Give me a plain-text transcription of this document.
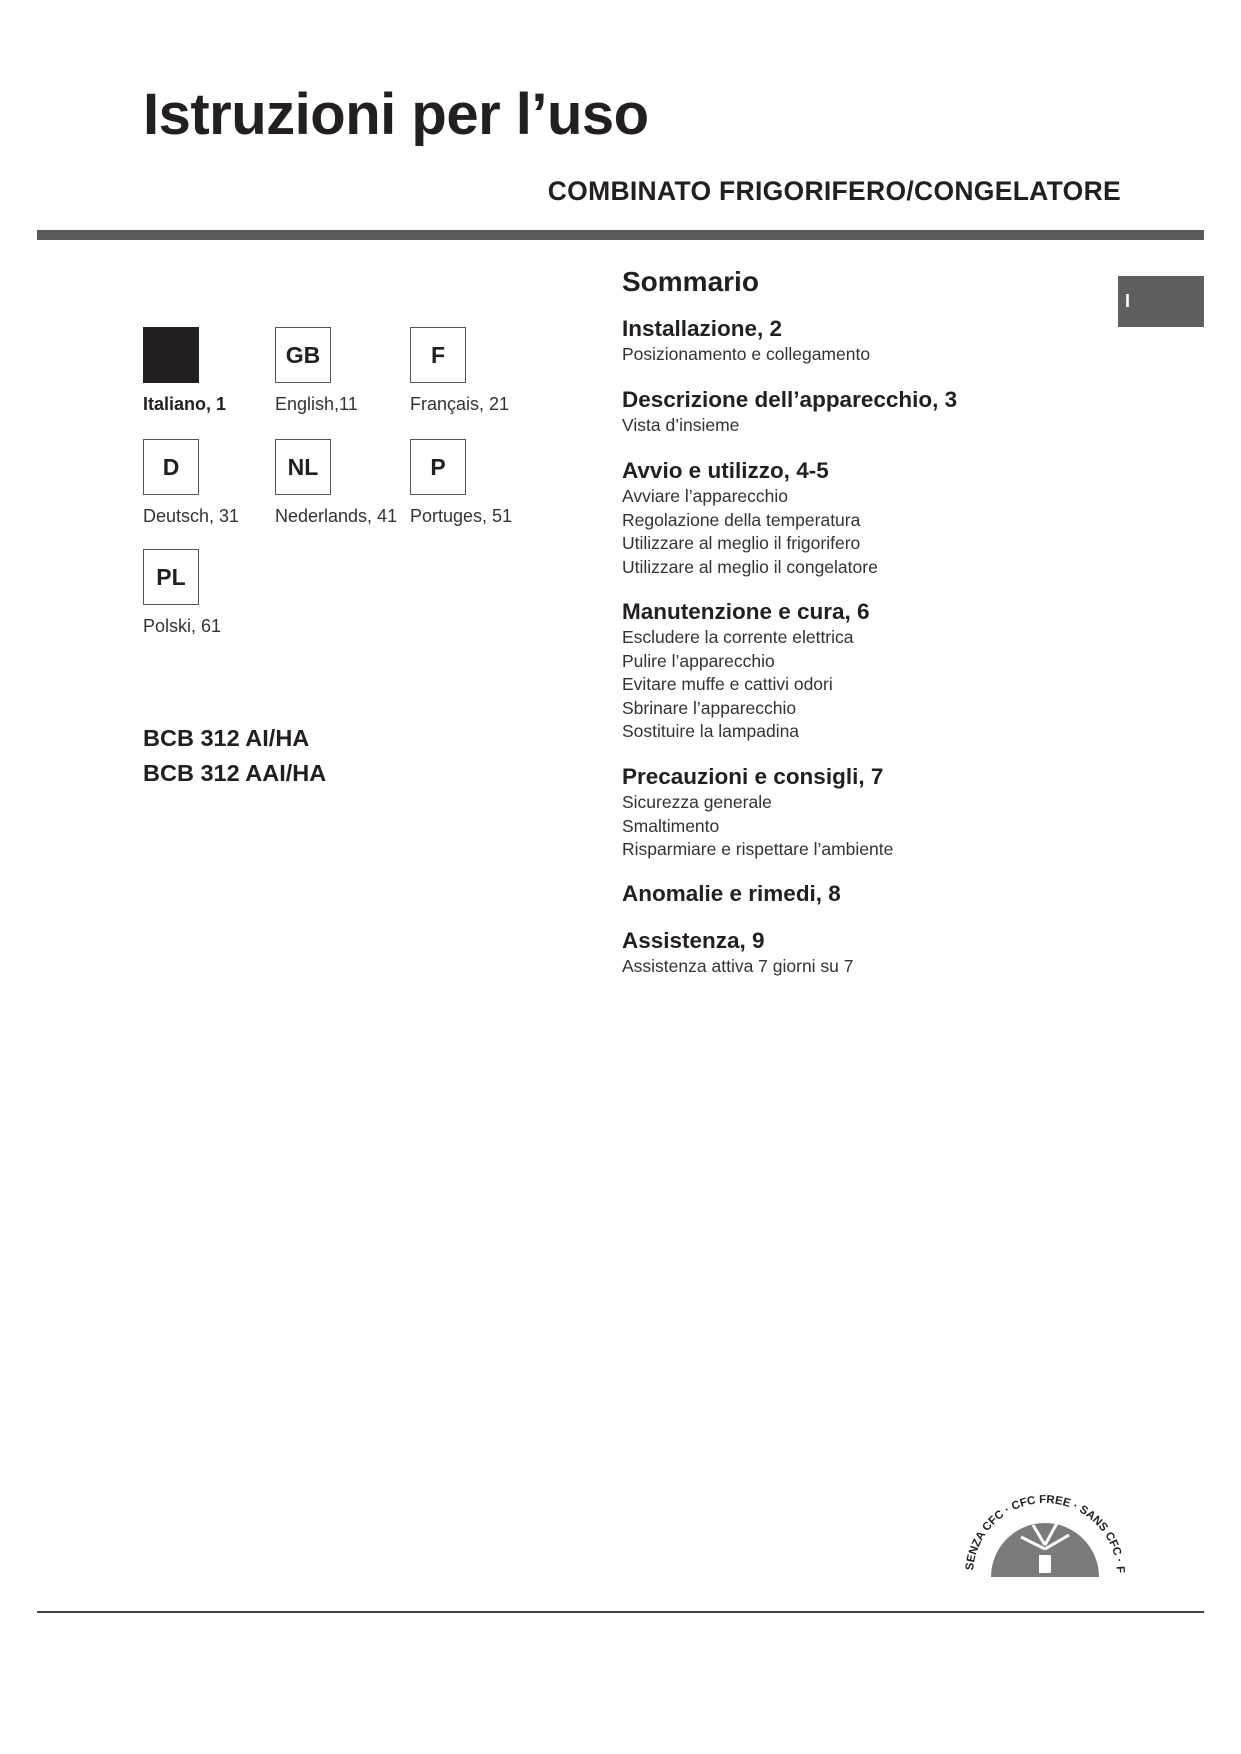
Istruzioni per l’uso
COMBINATO FRIGORIFERO/CONGELATORE
I
Italiano, 1
GB
English,11
F
Français, 21
D
Deutsch, 31
NL
Nederlands, 41
P
Portuges, 51
PL
Polski, 61
BCB 312 AI/HA
BCB 312 AAI/HA
Sommario
Installazione, 2
Posizionamento e collegamento
Descrizione dell’apparecchio, 3
Vista d’insieme
Avvio e utilizzo, 4-5
Avviare l’apparecchio
Regolazione della temperatura
Utilizzare al meglio il frigorifero
Utilizzare al meglio il congelatore
Manutenzione e cura, 6
Escludere la corrente elettrica
Pulire l’apparecchio
Evitare muffe e cattivi odori
Sbrinare l’apparecchio
Sostituire la lampadina
Precauzioni e consigli, 7
Sicurezza generale
Smaltimento
Risparmiare e rispettare l’ambiente
Anomalie e rimedi, 8
Assistenza, 9
Assistenza attiva 7 giorni su 7
SENZA CFC · CFC FREE · SANS CFC · F
